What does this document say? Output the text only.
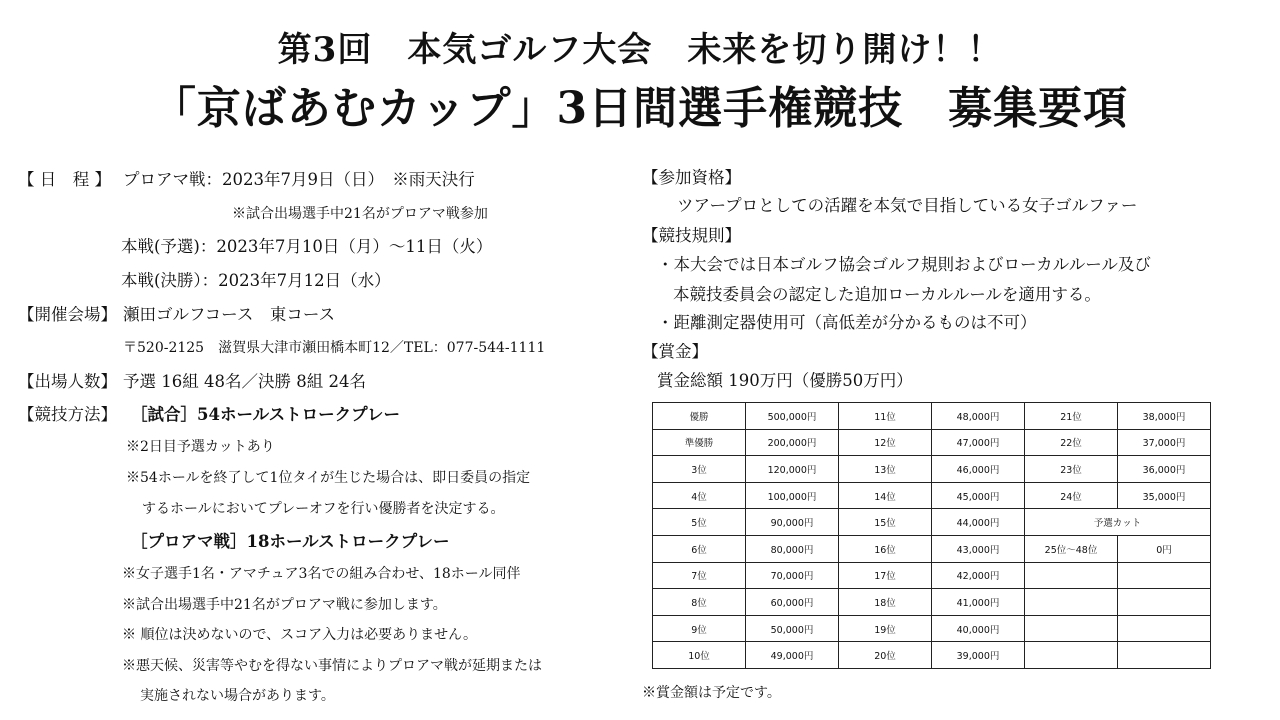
第3回　本気ゴルフ大会　未来を切り開け！！
「京ばあむカップ」3日間選手権競技　募集要項
【 日　程 】 プロアマ戦：2023年7月9日（日）　※雨天決行
※試合出場選手中21名がプロアマ戦参加
本戦(予選)：2023年7月10日（月）～11日（火）
本戦(決勝）：2023年7月12日（水）
【開催会場】 瀬田ゴルフコース　東コース
〒520-2125　滋賀県大津市瀬田橋本町12／TEL：077-544-1111
【出場人数】 予選 16組 48名／決勝 8組 24名
【競技方法】 ［試合］54ホールストロークプレー
※2日目予選カットあり
※54ホールを終了して1位タイが生じた場合は、即日委員の指定
するホールにおいてプレーオフを行い優勝者を決定する。
［プロアマ戦］18ホールストロークプレー
※女子選手1名・アマチュア3名での組み合わせ、18ホール同伴
※試合出場選手中21名がプロアマ戦に参加します。
※ 順位は決めないので、スコア入力は必要ありません。
※悪天候、災害等やむを得ない事情によりプロアマ戦が延期または
実施されない場合があります。
【参加資格】
ツアープロとしての活躍を本気で目指している女子ゴルファー
【競技規則】
・本大会では日本ゴルフ協会ゴルフ規則およびローカルルール及び
本競技委員会の認定した追加ローカルルールを適用する。
・距離測定器使用可（高低差が分かるものは不可）
【賞金】
賞金総額 190万円（優勝50万円）
優勝	500,000円	11位	48,000円	21位	38,000円
準優勝	200,000円	12位	47,000円	22位	37,000円
3位	120,000円	13位	46,000円	23位	36,000円
4位	100,000円	14位	45,000円	24位	35,000円
5位	90,000円	15位	44,000円	予選カット	
6位	80,000円	16位	43,000円	25位～48位	0円
7位	70,000円	17位	42,000円		
8位	60,000円	18位	41,000円		
9位	50,000円	19位	40,000円		
10位	49,000円	20位	39,000円		
※賞金額は予定です。
